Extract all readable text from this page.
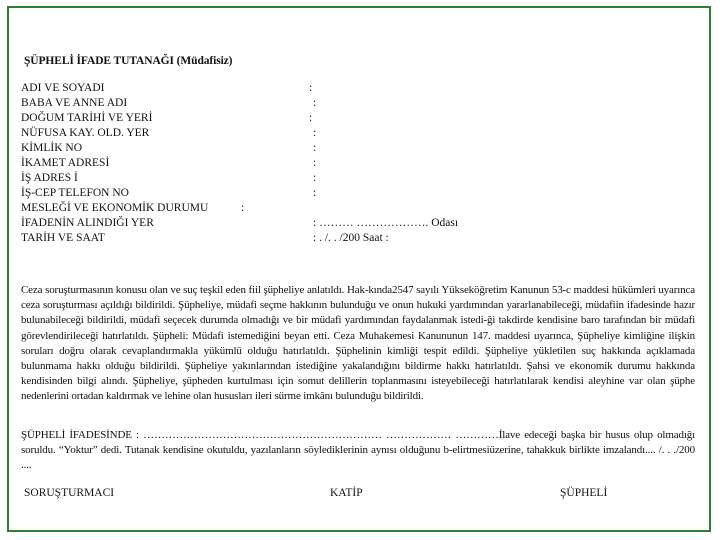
ŞÜPHELİ İFADE TUTANAĞI (Müdafisiz)
ADI VE SOYADI	:
BABA VE ANNE ADI	:
DOĞUM TARİHİ VE YERİ	:
NÜFUSA KAY. OLD. YER	:
KİMLİK NO	:
İKAMET ADRESİ	:
İŞ ADRES İ	:
İŞ-CEP TELEFON NO	:
MESLEĞİ VE EKONOMİK DURUMU	:
İFADENİN ALINDIĞI YER	: ……… ………………. Odası
TARİH VE SAAT	: . /. . /200 Saat :
Ceza soruşturmasının konusu olan ve suç teşkil eden fiil şüpheliye anlatıldı. Hak-kında2547 sayılı Yükseköğretim Kanunun 53-c maddesi hükümleri uyarınca ceza soruşturması açıldığı bildirildi. Şüpheliye, müdafi seçme hakkının bulunduğu ve onun hukuki yardımından yararlanabileceği, müdafiin ifadesinde hazır bulunabileceği bildirildi, müdafi seçecek durumda olmadığı ve bir müdafi yardımından faydalanmak istedi-ği takdirde kendisine baro tarafından bir müdafi görevlendirileceği hatırlatıldı. Şüpheli: Müdafi istemediğini beyan etti. Ceza Muhakemesi Kanununun 147. maddesi uyarınca, Şüpheliye kimliğine ilişkin soruları doğru olarak cevaplandırmakla yükümlü olduğu hatırlatıldı. Şüphelinin kimliği tespit edildi. Şüpheliye yükletilen suç hakkında açıklamada bulunmama hakkı olduğu bildirildi. Şüpheliye yakınlarından istediğine yakalandığını bildirme hakkı hatırlatıldı. Şahsi ve ekonomik durumu hakkında kendisinden bilgi alındı. Şüpheliye, şüpheden kurtulması için somut delillerin toplanmasını isteyebileceği hatırlatılarak kendisi aleyhine var olan şüphe nedenlerini ortadan kaldırmak ve lehine olan hususları ileri sürme imkânı bulunduğu bildirildi.
ŞÜPHELİ İFADESİNDE : ………………………………………………………… ……………… …………İlave edeceği başka bir husus olup olmadığı soruldu. “Yoktur” dedi. Tutanak kendisine okutuldu, yazılanların söylediklerinin aynısı olduğunu b-elirtmesiüzerine, tahakkuk birlikte imzalandı.... /. . ./200 ....
SORUŞTURMACI	KATİP	ŞÜPHELİ
